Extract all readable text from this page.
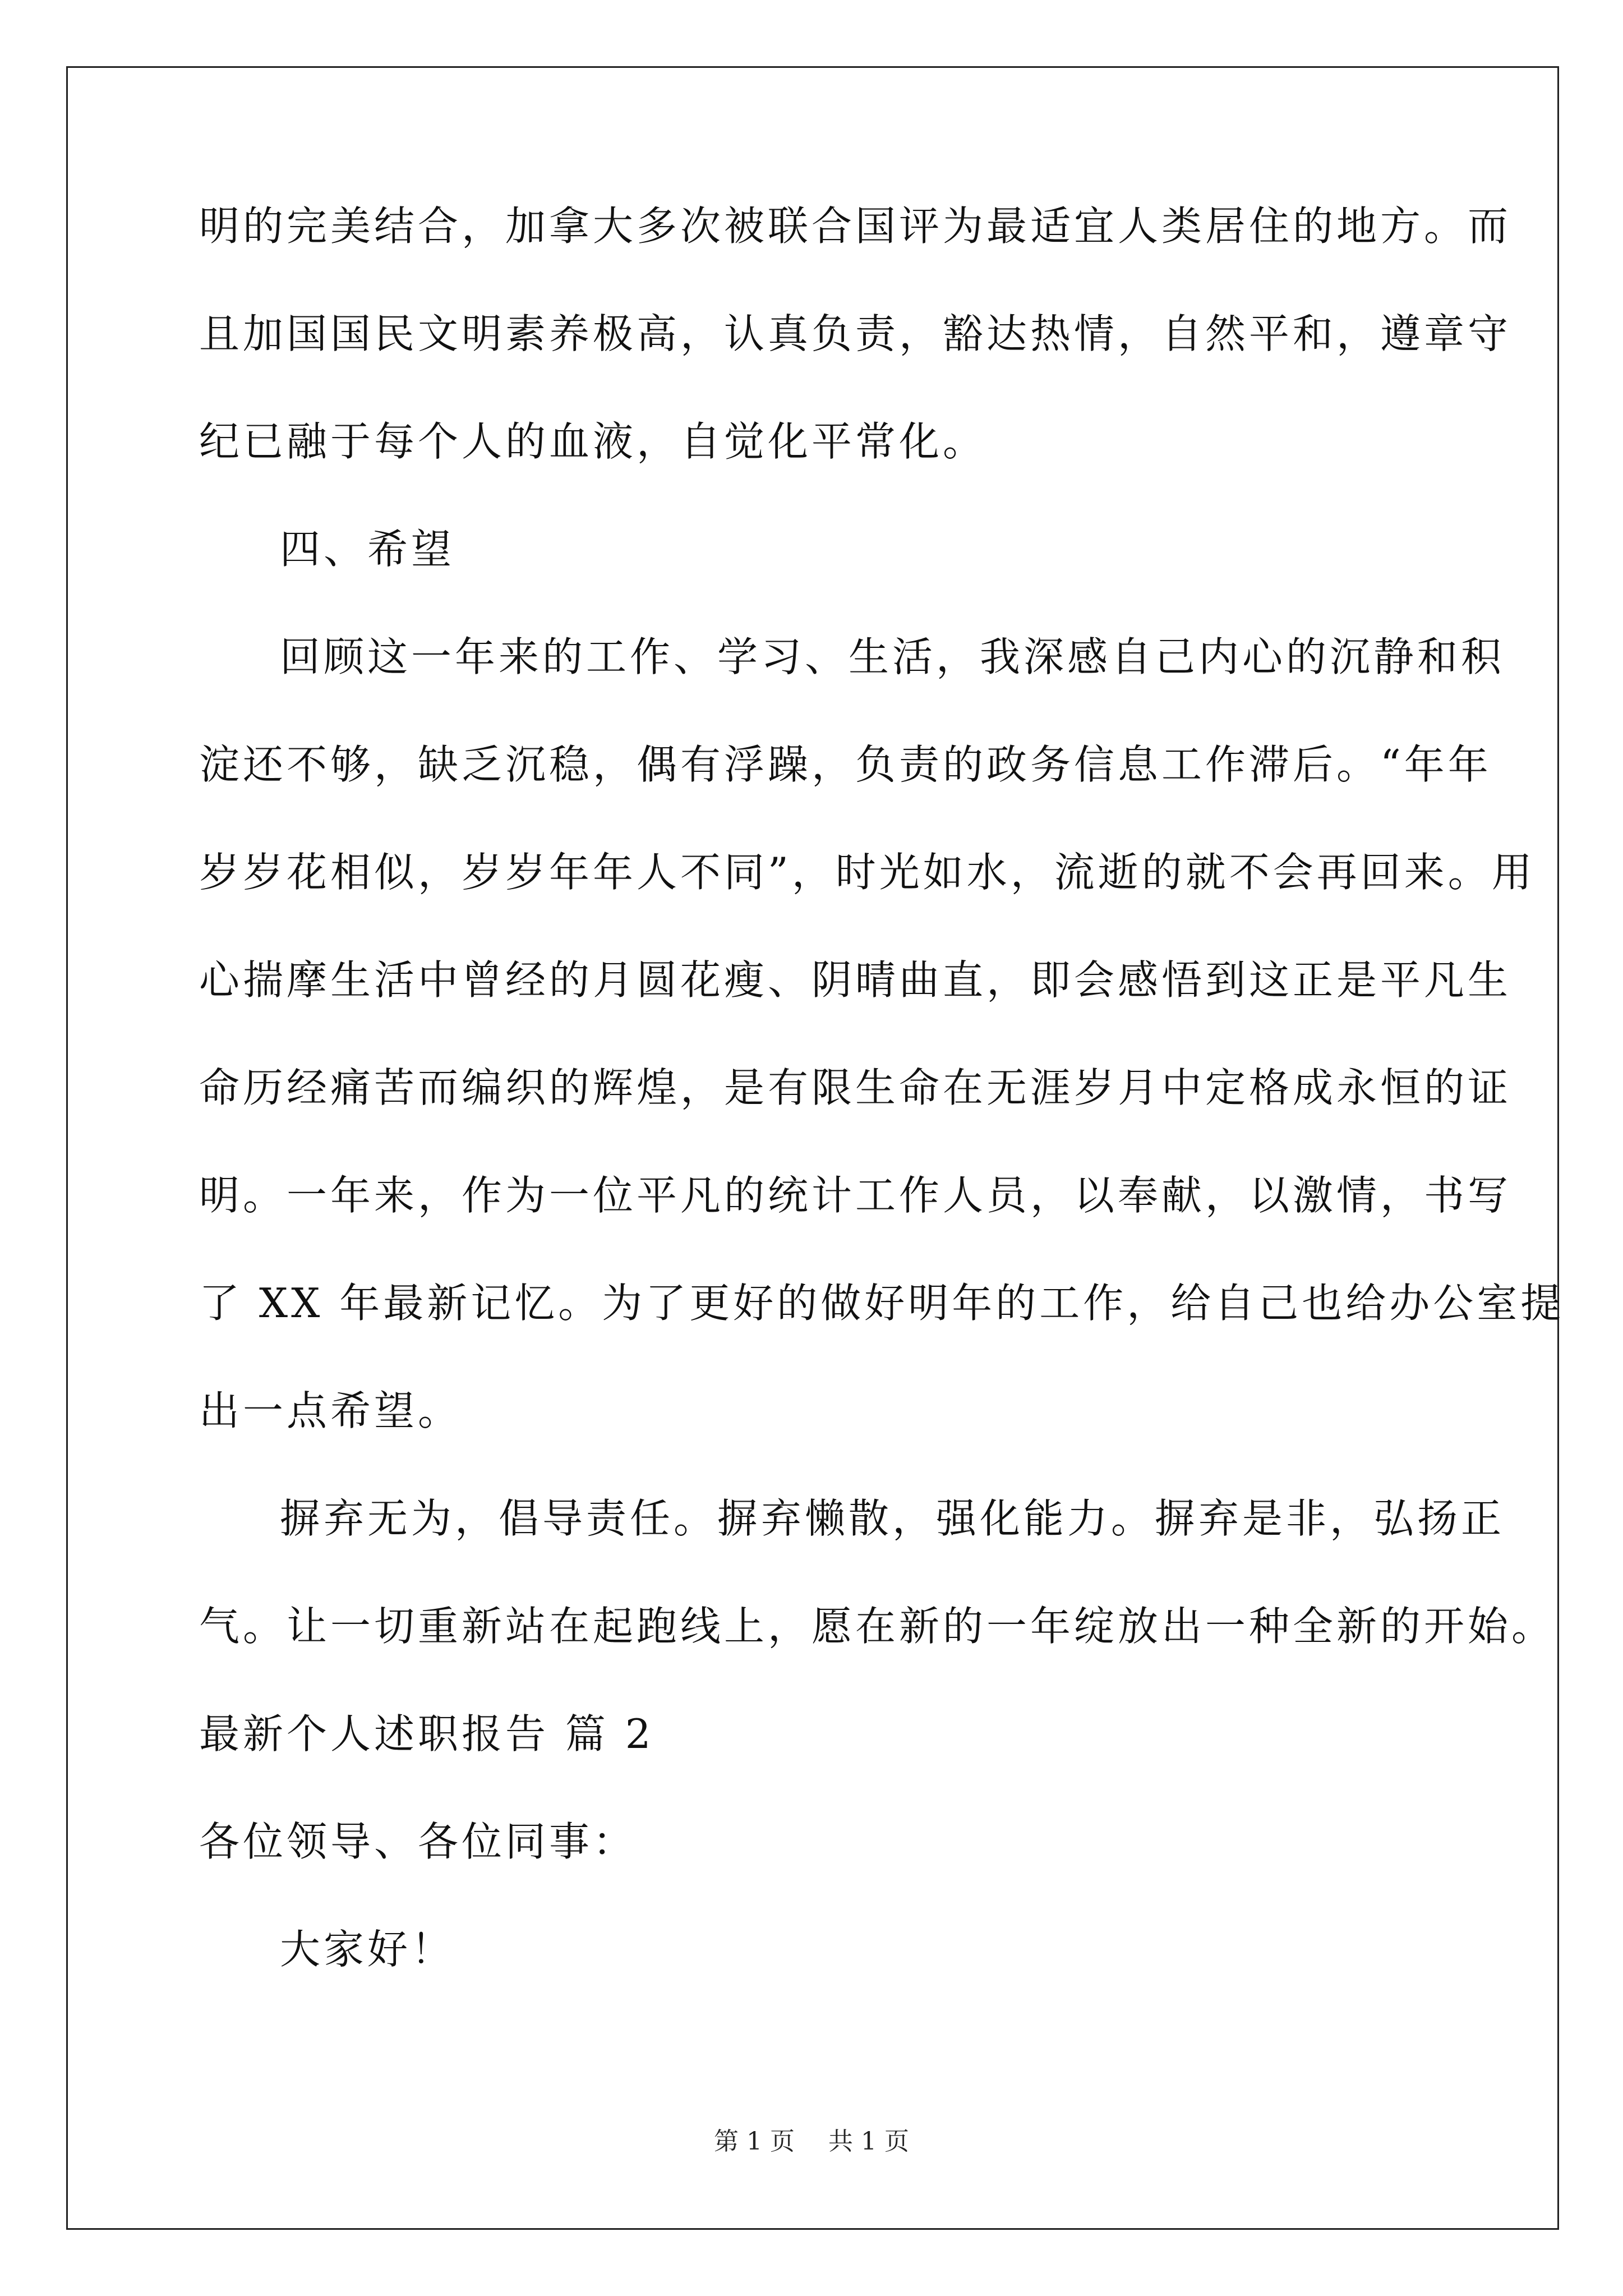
明的完美结合，加拿大多次被联合国评为最适宜人类居住的地方。而
且加国国民文明素养极高，认真负责，豁达热情，自然平和，遵章守
纪已融于每个人的血液，自觉化平常化。
四、希望
回顾这一年来的工作、学习、生活，我深感自己内心的沉静和积
淀还不够，缺乏沉稳，偶有浮躁，负责的政务信息工作滞后。“年年
岁岁花相似，岁岁年年人不同”，时光如水，流逝的就不会再回来。用
心揣摩生活中曾经的月圆花瘦、阴晴曲直，即会感悟到这正是平凡生
命历经痛苦而编织的辉煌，是有限生命在无涯岁月中定格成永恒的证
明。一年来，作为一位平凡的统计工作人员，以奉献，以激情，书写
了 XX 年最新记忆。为了更好的做好明年的工作，给自己也给办公室提
出一点希望。
摒弃无为，倡导责任。摒弃懒散，强化能力。摒弃是非，弘扬正
气。让一切重新站在起跑线上，愿在新的一年绽放出一种全新的开始。
最新个人述职报告 篇 2
各位领导、各位同事：
大家好！
第 1 页 共 1 页
